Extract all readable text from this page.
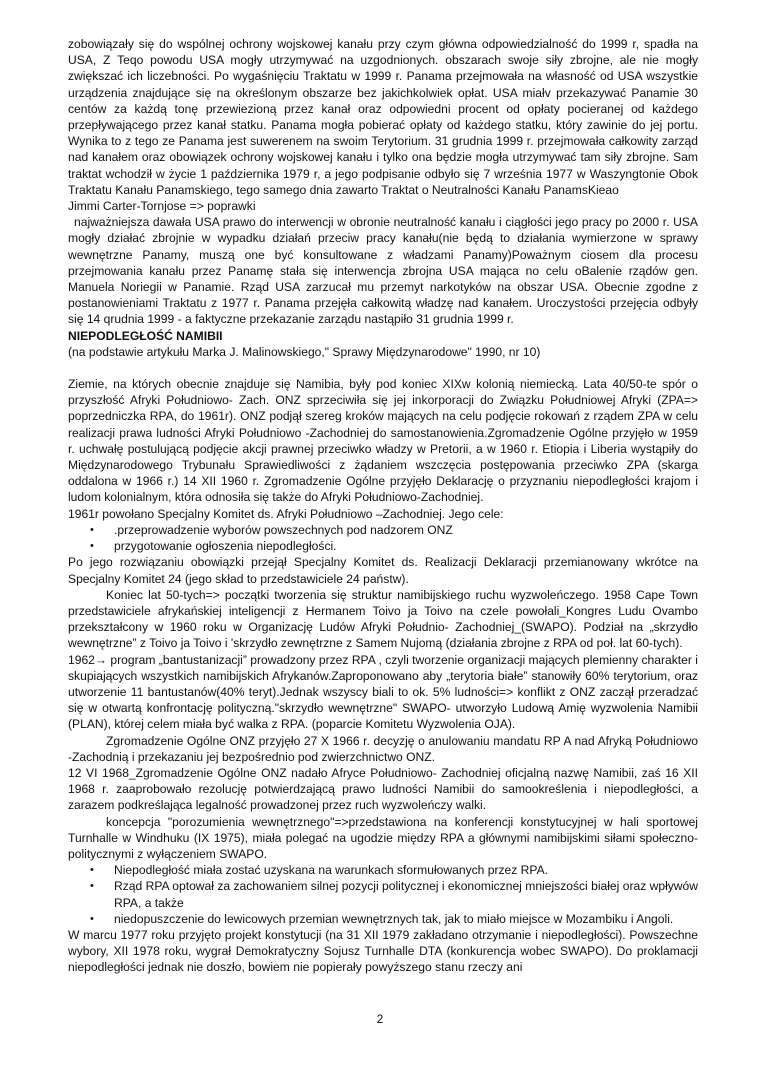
zobowiązały się do wspólnej ochrony wojskowej kanału przy czym główna odpowiedzialność do 1999 r, spadła na USA, Z Teqo powodu USA mogły utrzymywać na uzgodnionych. obszarach swoje siły zbrojne, ale nie mogły zwiększać ich liczebności. Po wygaśnięciu Traktatu w 1999 r. Panama przejmowała na własność od USA wszystkie urządzenia znajdujące się na określonym obszarze bez jakichkolwiek opłat. USA miałv przekazywać Panamie 30 centów za każdą tonę przewiezioną przez kanał oraz odpowiedni procent od opłaty pocieranej od każdego przepływającego przez kanał statku. Panama mogła pobierać opłaty od każdego statku, który zawinie do jej portu. Wynika to z tego ze Panama jest suwerenem na swoim Terytorium. 31 grudnia 1999 r. przejmowała całkowity zarząd nad kanałem oraz obowiązek ochrony wojskowej kanału i tylko ona będzie mogła utrzymywać tam siły zbrojne. Sam traktat wchodził w życie 1 października 1979 r, a jego podpisanie odbyło się 7 września 1977 w Waszyngtonie Obok Traktatu Kanału Panamskiego, tego samego dnia zawarto Traktat o Neutralności Kanału PanamsKieao

Jimmi Carter-Tornjose => poprawki

najważniejsza dawała USA prawo do interwencji w obronie neutralność kanału i ciągłości jego pracy po 2000 r. USA mogły działać zbrojnie w wypadku działań przeciw pracy kanału(nie będą to działania wymierzone w sprawy wewnętrzne Panamy, muszą one być konsultowane z władzami Panamy)Poważnym ciosem dla procesu przejmowania kanału przez Panamę stała się interwencja zbrojna USA mająca no celu oBalenie rządów gen. Manuela Noriegii w Panamie. Rząd USA zarzucał mu przemyt narkotyków na obszar USA. Obecnie zgodne z postanowieniami Traktatu z 1977 r. Panama przejęła całkowitą władzę nad kanałem. Uroczystości przejęcia odbyły się 14 qrudnia 1999 - a faktyczne przekazanie zarządu nastąpiło 31 grudnia 1999 r.

NIEPODLEGŁOŚĆ NAMIBII

(na podstawie artykułu Marka J. Malinowskiego," Sprawy Międzynarodowe" 1990, nr 10)

Ziemie, na których obecnie znajduje się Namibia, były pod koniec XIXw kolonią niemiecką. Lata 40/50-te spór o przyszłość Afryki Południowo- Zach. ONZ sprzeciwiła się jej inkorporacji do Związku Południowej Afryki (ZPA=> poprzedniczka RPA, do 1961r). ONZ podjął szereg kroków mających na celu podjęcie rokowań z rządem ZPA w celu realizacji prawa ludności Afryki Południowo -Zachodniej do samostanowienia.Zgromadzenie Ogólne przyjęło w 1959 r. uchwałę postulującą podjęcie akcji prawnej przeciwko władzy w Pretorii, a w 1960 r. Etiopia i Liberia wystąpiły do Międzynarodowego Trybunału Sprawiedliwości z żądaniem wszczęcia postępowania przeciwko ZPA (skarga oddalona w 1966 r.) 14 XII 1960 r. Zgromadzenie Ogólne przyjęło Deklarację o przyznaniu niepodległości krajom i ludom kolonialnym, która odnosiła się także do Afryki Południowo-Zachodniej.

1961r powołano Specjalny Komitet ds. Afryki Południowo –Zachodniej. Jego cele:

• .przeprowadzenie wyborów powszechnych pod nadzorem ONZ
• przygotowanie ogłoszenia niepodległości.

Po jego rozwiązaniu obowiązki przejął Specjalny Komitet ds. Realizacji Deklaracji przemianowany wkrótce na Specjalny Komitet 24 (jego skład to przedstawiciele 24 państw).

Koniec lat 50-tych=> początki tworzenia się struktur namibijskiego ruchu wyzwoleńczego. 1958 Cape Town przedstawiciele afrykańskiej inteligencji z Hermanem Toivo ja Toivo na czele powołali_Kongres Ludu Ovambo przekształcony w 1960 roku w Organizację Ludów Afryki Południo- Zachodniej_(SWAPO). Podział na „skrzydło wewnętrzne” z Toivo ja Toivo i 'skrzydło zewnętrzne z Samem Nujomą (działania zbrojne z RPA od poł. lat 60-tych).

1962→ program „bantustanizacji” prowadzony przez RPA , czyli tworzenie organizacji mających plemienny charakter i skupiających wszystkich namibijskich Afrykanów.Zaproponowano aby „terytoria białe” stanowiły 60% terytorium, oraz utworzenie 11 bantustanów(40% teryt).Jednak wszyscy biali to ok. 5% ludności=> konflikt z ONZ zaczął przeradzać się w otwartą konfrontację polityczną."skrzydło wewnętrzne" SWAPO- utworzyło Ludową Amię wyzwolenia Namibii (PLAN), której celem miała być walka z RPA. (poparcie Komitetu Wyzwolenia OJA).

Zgromadzenie Ogólne ONZ przyjęło 27 X 1966 r. decyzję o anulowaniu mandatu RP A nad Afryką Południowo -Zachodnią i przekazaniu jej bezpośrednio pod zwierzchnictwo ONZ.

12 VI 1968_Zgromadzenie Ogólne ONZ nadało Afryce Południowo- Zachodniej oficjalną nazwę Namibii, zaś 16 XII 1968 r. zaaprobowało rezolucję potwierdzającą prawo ludności Namibii do samookreślenia i niepodległości, a zarazem podkreślająca legalność prowadzonej przez ruch wyzwoleńczy walki.

koncepcja "porozumienia wewnętrznego"=>przedstawiona na konferencji konstytucyjnej w hali sportowej Turnhalle w Windhuku (IX 1975), miała polegać na ugodzie między RPA a głównymi namibijskimi siłami społeczno-politycznymi z wyłączeniem SWAPO.

• Niepodległość miała zostać uzyskana na warunkach sformułowanych przez RPA.
• Rząd RPA optował za zachowaniem silnej pozycji politycznej i ekonomicznej mniejszości białej oraz wpływów RPA, a także
• niedopuszczenie do lewicowych przemian wewnętrznych tak, jak to miało miejsce w Mozambiku i Angoli.

W marcu 1977 roku przyjęto projekt konstytucji (na 31 XII 1979 zakładano otrzymanie i niepodległości). Powszechne wybory, XII 1978 roku, wygrał Demokratyczny Sojusz Turnhalle DTA (konkurencja wobec SWAPO). Do proklamacji niepodległości jednak nie doszło, bowiem nie popierały powyższego stanu rzeczy ani

2
